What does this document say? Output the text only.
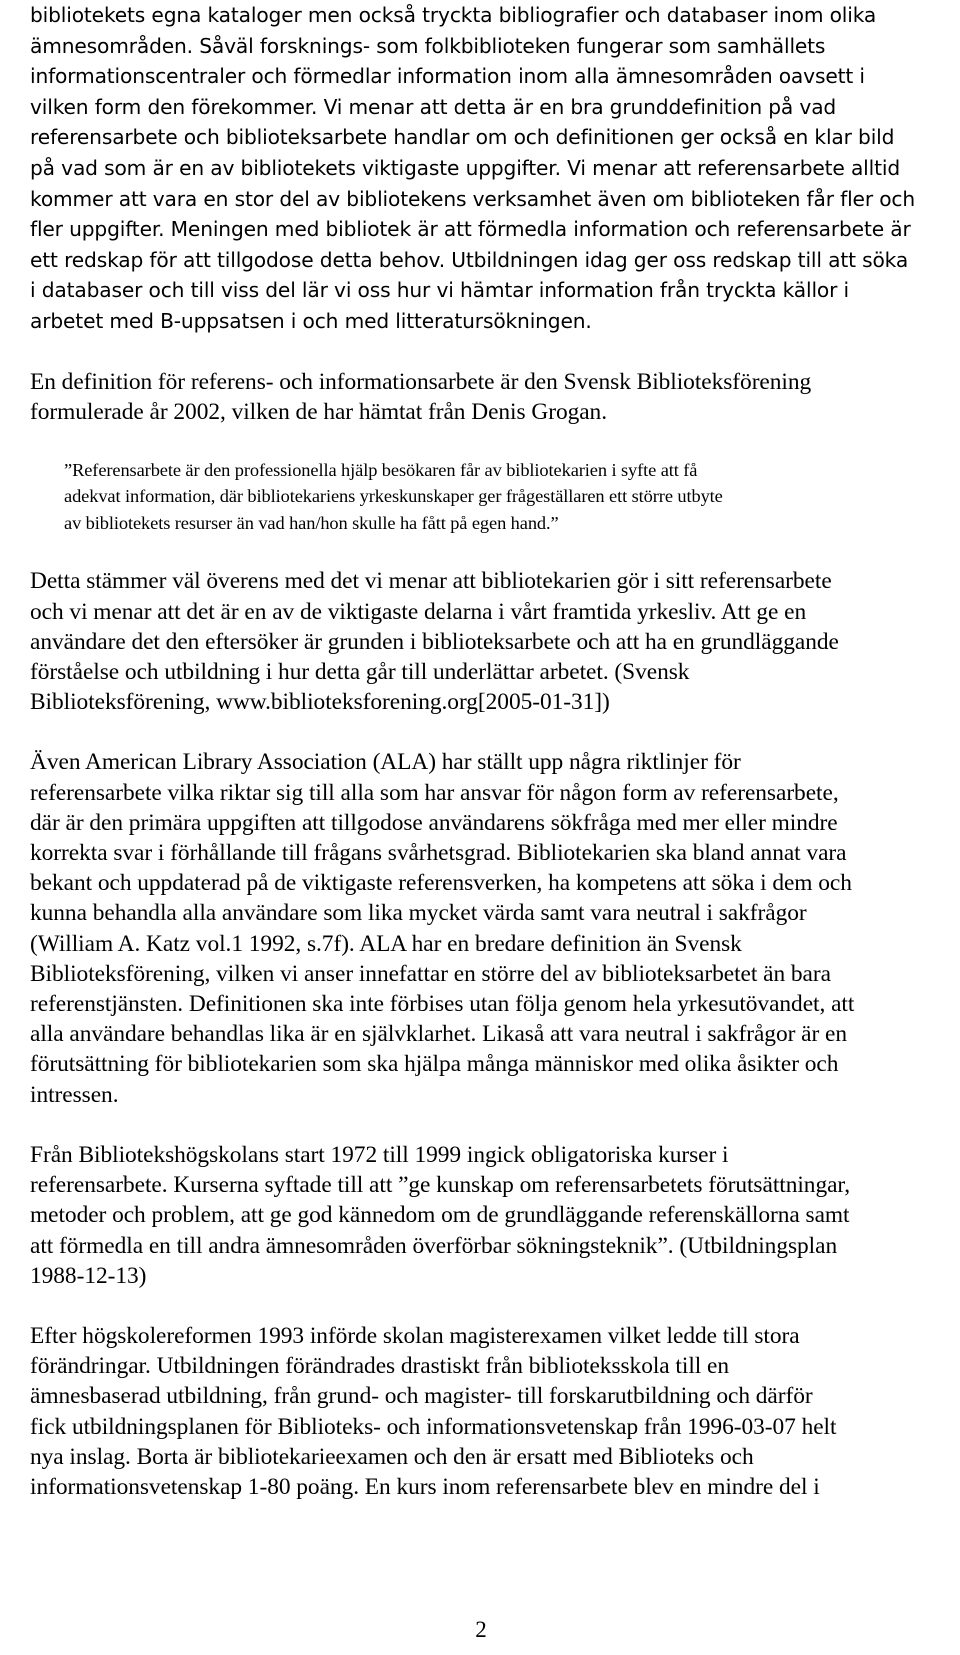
bibliotekets egna kataloger men också tryckta bibliografier och databaser inom olika
ämnesområden. Såväl forsknings- som folkbiblioteken fungerar som samhällets
informationscentraler och förmedlar information inom alla ämnesområden oavsett i
vilken form den förekommer. Vi menar att detta är en bra grunddefinition på vad
referensarbete och biblioteksarbete handlar om och definitionen ger också en klar bild
på vad som är en av bibliotekets viktigaste uppgifter. Vi menar att referensarbete alltid
kommer att vara en stor del av bibliotekens verksamhet även om biblioteken får fler och
fler uppgifter. Meningen med bibliotek är att förmedla information och referensarbete är
ett redskap för att tillgodose detta behov. Utbildningen idag ger oss redskap till att söka
i databaser och till viss del lär vi oss hur vi hämtar information från tryckta källor i
arbetet med B-uppsatsen i och med litteratursökningen.

En definition för referens- och informationsarbete är den Svensk Biblioteksförening
formulerade år 2002, vilken de har hämtat från Denis Grogan.

”Referensarbete är den professionella hjälp besökaren får av bibliotekarien i syfte att få
adekvat information, där bibliotekariens yrkeskunskaper ger frågeställaren ett större utbyte
av bibliotekets resurser än vad han/hon skulle ha fått på egen hand.”

Detta stämmer väl överens med det vi menar att bibliotekarien gör i sitt referensarbete
och vi menar att det är en av de viktigaste delarna i vårt framtida yrkesliv. Att ge en
användare det den eftersöker är grunden i biblioteksarbete och att ha en grundläggande
förståelse och utbildning i hur detta går till underlättar arbetet. (Svensk
Biblioteksförening, www.biblioteksforening.org[2005-01-31])

Även American Library Association (ALA) har ställt upp några riktlinjer för
referensarbete vilka riktar sig till alla som har ansvar för någon form av referensarbete,
där är den primära uppgiften att tillgodose användarens sökfråga med mer eller mindre
korrekta svar i förhållande till frågans svårhetsgrad. Bibliotekarien ska bland annat vara
bekant och uppdaterad på de viktigaste referensverken, ha kompetens att söka i dem och
kunna behandla alla användare som lika mycket värda samt vara neutral i sakfrågor
(William A. Katz vol.1 1992, s.7f). ALA har en bredare definition än Svensk
Biblioteksförening, vilken vi anser innefattar en större del av biblioteksarbetet än bara
referenstjänsten. Definitionen ska inte förbises utan följa genom hela yrkesutövandet, att
alla användare behandlas lika är en självklarhet. Likaså att vara neutral i sakfrågor är en
förutsättning för bibliotekarien som ska hjälpa många människor med olika åsikter och
intressen.

Från Bibliotekshögskolans start 1972 till 1999 ingick obligatoriska kurser i
referensarbete. Kurserna syftade till att ”ge kunskap om referensarbetets förutsättningar,
metoder och problem, att ge god kännedom om de grundläggande referenskällorna samt
att förmedla en till andra ämnesområden överförbar sökningsteknik”. (Utbildningsplan
1988-12-13)

Efter högskolereformen 1993 införde skolan magisterexamen vilket ledde till stora
förändringar. Utbildningen förändrades drastiskt från biblioteksskola till en
ämnesbaserad utbildning, från grund- och magister- till forskarutbildning och därför
fick utbildningsplanen för Biblioteks- och informationsvetenskap från 1996-03-07 helt
nya inslag. Borta är bibliotekarieexamen och den är ersatt med Biblioteks och
informationsvetenskap 1-80 poäng. En kurs inom referensarbete blev en mindre del i

2
